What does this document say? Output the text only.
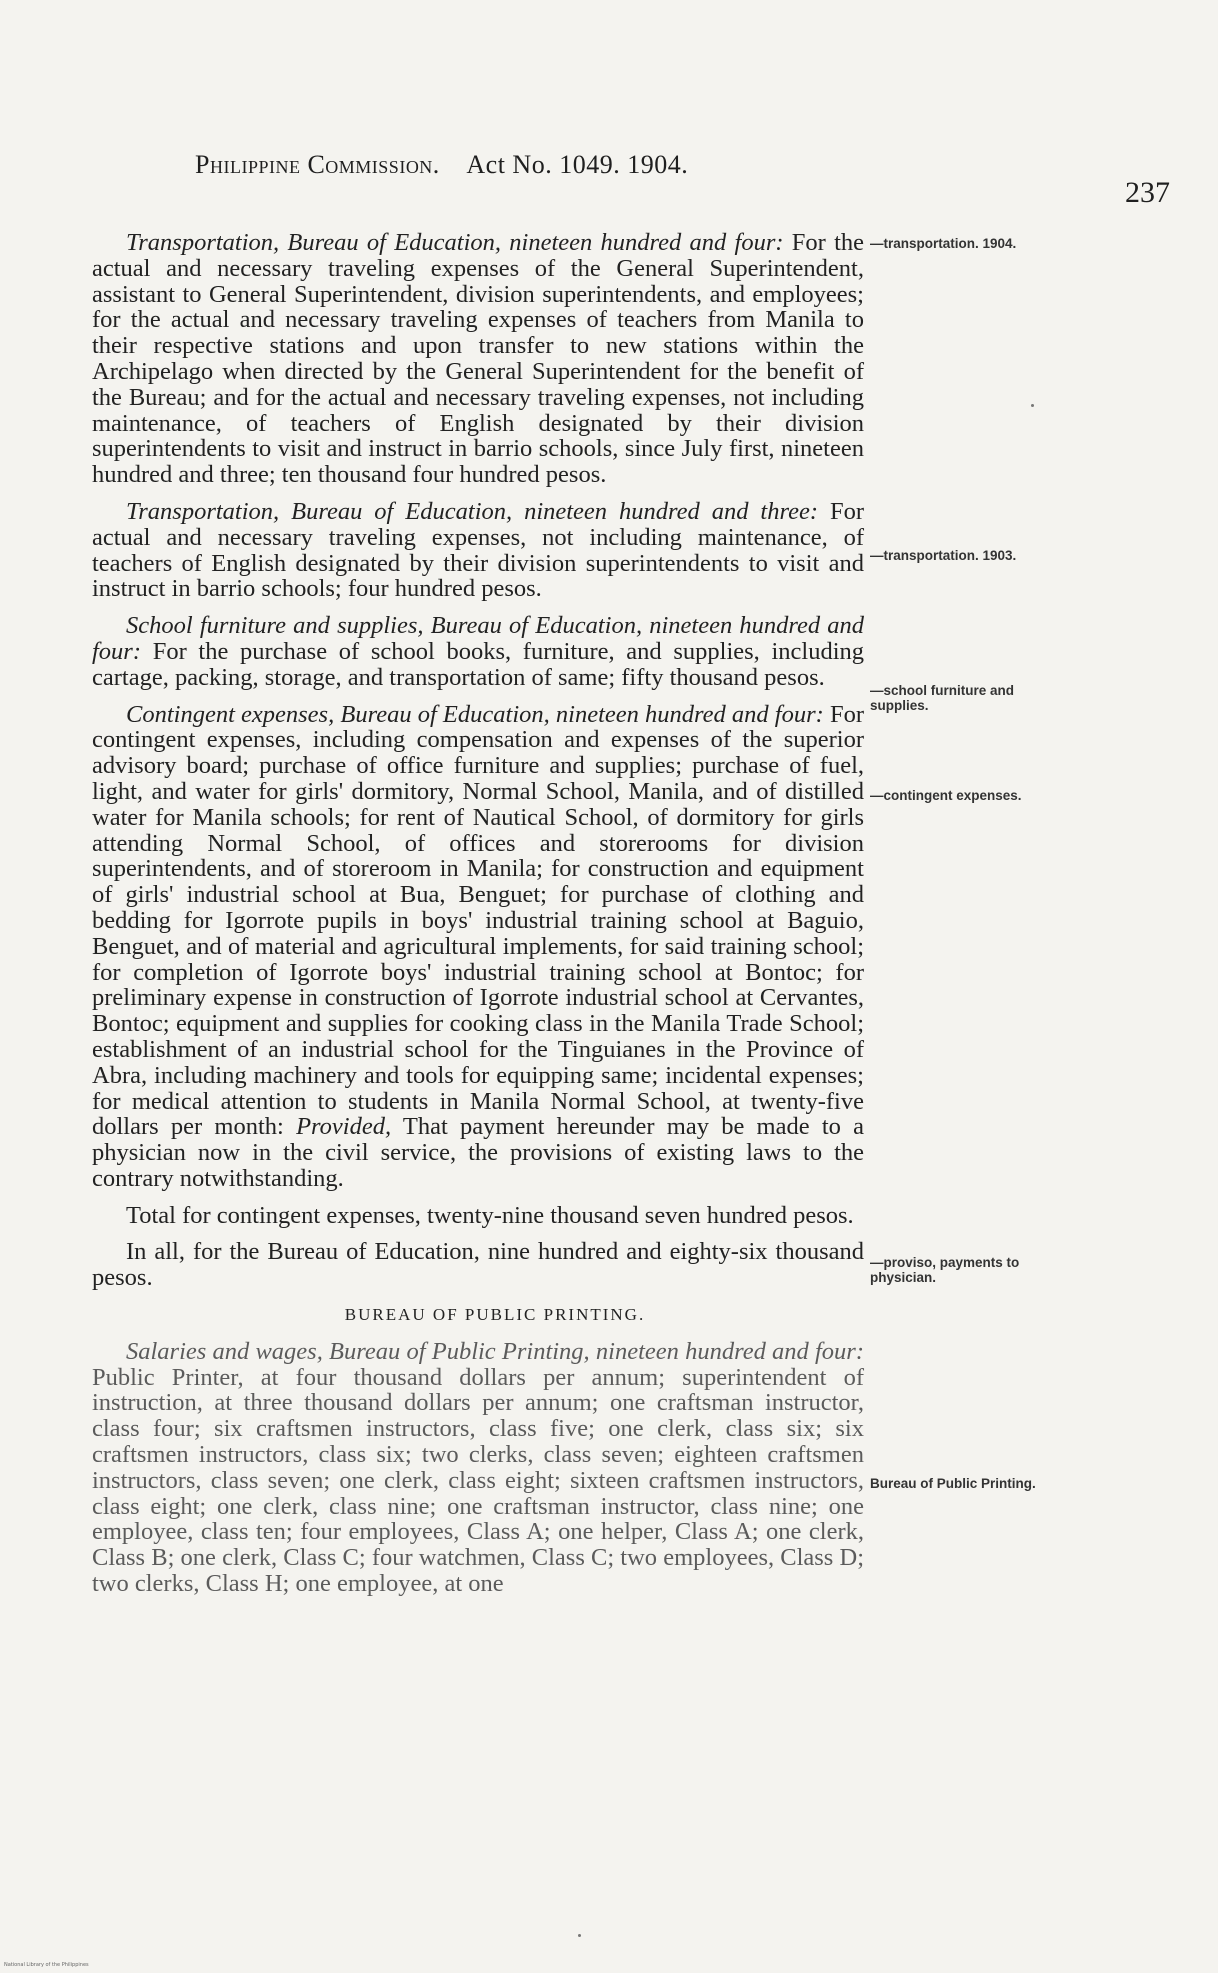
Philippine Commission. Act No. 1049. 1904.
237

Transportation, Bureau of Education, nineteen hundred and four: For the actual and necessary traveling expenses of the General Superintendent, assistant to General Superintendent, division superintendents, and employees; for the actual and necessary traveling expenses of teachers from Manila to their respective stations and upon transfer to new stations within the Archipelago when directed by the General Superintendent for the benefit of the Bureau; and for the actual and necessary traveling expenses, not including maintenance, of teachers of English designated by their division superintendents to visit and instruct in barrio schools, since July first, nineteen hundred and three; ten thousand four hundred pesos.

Transportation, Bureau of Education, nineteen hundred and three: For actual and necessary traveling expenses, not including maintenance, of teachers of English designated by their division superintendents to visit and instruct in barrio schools; four hundred pesos.

School furniture and supplies, Bureau of Education, nineteen hundred and four: For the purchase of school books, furniture, and supplies, including cartage, packing, storage, and transportation of same; fifty thousand pesos.

Contingent expenses, Bureau of Education, nineteen hundred and four: For contingent expenses, including compensation and expenses of the superior advisory board; purchase of office furniture and supplies; purchase of fuel, light, and water for girls' dormitory, Normal School, Manila, and of distilled water for Manila schools; for rent of Nautical School, of dormitory for girls attending Normal School, of offices and storerooms for division superintendents, and of storeroom in Manila; for construction and equipment of girls' industrial school at Bua, Benguet; for purchase of clothing and bedding for Igorrote pupils in boys' industrial training school at Baguio, Benguet, and of material and agricultural implements, for said training school; for completion of Igorrote boys' industrial training school at Bontoc; for preliminary expense in construction of Igorrote industrial school at Cervantes, Bontoc; equipment and supplies for cooking class in the Manila Trade School; establishment of an industrial school for the Tinguianes in the Province of Abra, including machinery and tools for equipping same; incidental expenses; for medical attention to students in Manila Normal School, at twenty-five dollars per month: Provided, That payment hereunder may be made to a physician now in the civil service, the provisions of existing laws to the contrary notwithstanding.

Total for contingent expenses, twenty-nine thousand seven hundred pesos.

In all, for the Bureau of Education, nine hundred and eighty-six thousand pesos.

BUREAU OF PUBLIC PRINTING.

Salaries and wages, Bureau of Public Printing, nineteen hundred and four: Public Printer, at four thousand dollars per annum; superintendent of instruction, at three thousand dollars per annum; one craftsman instructor, class four; six craftsmen instructors, class five; one clerk, class six; six craftsmen instructors, class six; two clerks, class seven; eighteen craftsmen instructors, class seven; one clerk, class eight; sixteen craftsmen instructors, class eight; one clerk, class nine; one craftsman instructor, class nine; one employee, class ten; four employees, Class A; one helper, Class A; one clerk, Class B; one clerk, Class C; four watchmen, Class C; two employees, Class D; two clerks, Class H; one employee, at one

—transportation. 1904.
—transportation. 1903.
—school furniture and supplies.
—contingent expenses.
—proviso, payments to physician.
Bureau of Public Printing.
National Library of the Philippines
